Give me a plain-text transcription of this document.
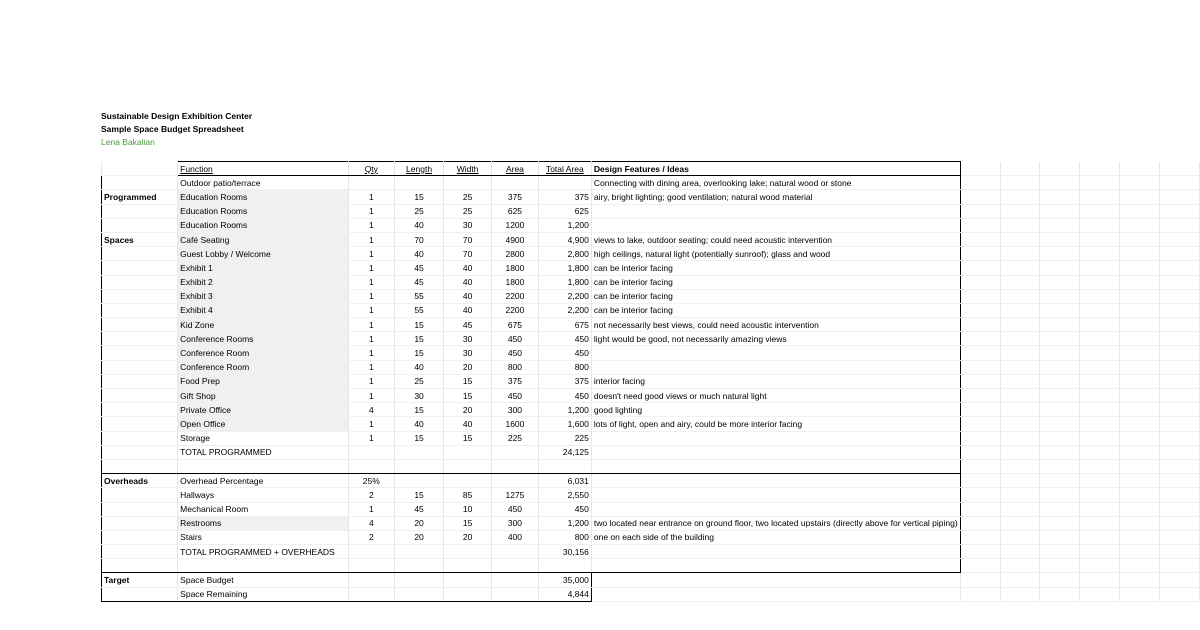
Sustainable Design Exhibition Center
Sample Space Budget Spreadsheet
Lena Bakalian
	Function	Qty	Length	Width	Area	Total Area	Design Features / Ideas						
	Outdoor patio/terrace						Connecting with dining area, overlooking lake; natural wood or stone						
Programmed	Education Rooms	1	15	25	375	375	airy, bright lighting; good ventilation; natural wood material						
	Education Rooms	1	25	25	625	625							
	Education Rooms	1	40	30	1200	1,200							
Spaces	Café Seating	1	70	70	4900	4,900	views to lake, outdoor seating; could need acoustic intervention						
	Guest Lobby / Welcome	1	40	70	2800	2,800	high ceilings, natural light (potentially sunroof); glass and wood						
	Exhibit 1	1	45	40	1800	1,800	can be interior facing						
	Exhibit 2	1	45	40	1800	1,800	can be interior facing						
	Exhibit 3	1	55	40	2200	2,200	can be interior facing						
	Exhibit 4	1	55	40	2200	2,200	can be interior facing						
	Kid Zone	1	15	45	675	675	not necessarily best views, could need acoustic intervention						
	Conference Rooms	1	15	30	450	450	light would be good, not necessarily amazing views						
	Conference Room	1	15	30	450	450							
	Conference Room	1	40	20	800	800							
	Food Prep	1	25	15	375	375	interior facing						
	Gift Shop	1	30	15	450	450	doesn't need good views or much natural light						
	Private Office	4	15	20	300	1,200	good lighting						
	Open Office	1	40	40	1600	1,600	lots of light, open and airy, could be more interior facing						
	Storage	1	15	15	225	225							
	TOTAL PROGRAMMED					24,125							

Overheads	Overhead Percentage	25%				6,031							
	Hallways	2	15	85	1275	2,550							
	Mechanical Room	1	45	10	450	450							
	Restrooms	4	20	15	300	1,200	two located near entrance on ground floor, two located upstairs (directly above for vertical piping)						
	Stairs	2	20	20	400	800	one on each side of the building						
	TOTAL PROGRAMMED + OVERHEADS					30,156							

Target	Space Budget					35,000							
	Space Remaining					4,844							
